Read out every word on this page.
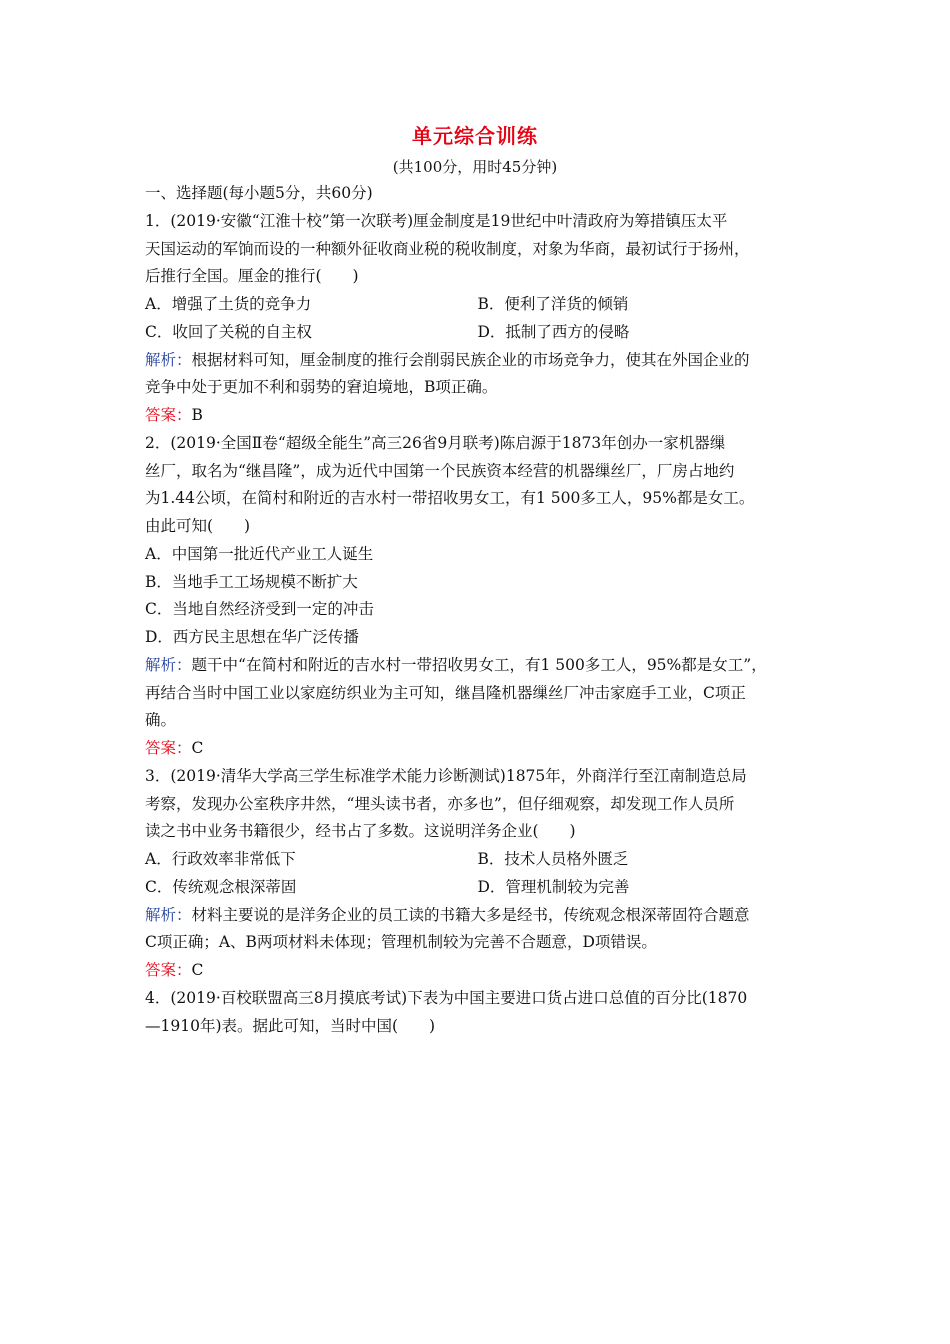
单元综合训练
(共100分，用时45分钟)

一、选择题(每小题5分，共60分)

1．(2019·安徽“江淮十校”第一次联考)厘金制度是19世纪中叶清政府为筹措镇压太平

天国运动的军饷而设的一种额外征收商业税的税收制度，对象为华商，最初试行于扬州，

后推行全国。厘金的推行(　　)

A．增强了土货的竞争力	B．便利了洋货的倾销
C．收回了关税的自主权	D．抵制了西方的侵略

解析：根据材料可知，厘金制度的推行会削弱民族企业的市场竞争力，使其在外国企业的

竞争中处于更加不利和弱势的窘迫境地，B项正确。

答案：B

2．(2019·全国Ⅱ卷“超级全能生”高三26省9月联考)陈启源于1873年创办一家机器缫

丝厂，取名为“继昌隆”，成为近代中国第一个民族资本经营的机器缫丝厂，厂房占地约

为1.44公顷，在简村和附近的吉水村一带招收男女工，有1 500多工人，95%都是女工。

由此可知(　　)

A．中国第一批近代产业工人诞生

B．当地手工工场规模不断扩大

C．当地自然经济受到一定的冲击

D．西方民主思想在华广泛传播

解析：题干中“在简村和附近的吉水村一带招收男女工，有1 500多工人，95%都是女工”，

再结合当时中国工业以家庭纺织业为主可知，继昌隆机器缫丝厂冲击家庭手工业，C项正

确。

答案：C

3．(2019·清华大学高三学生标准学术能力诊断测试)1875年，外商洋行至江南制造总局

考察，发现办公室秩序井然，“埋头读书者，亦多也”，但仔细观察，却发现工作人员所

读之书中业务书籍很少，经书占了多数。这说明洋务企业(　　)

A．行政效率非常低下	B．技术人员格外匮乏
C．传统观念根深蒂固	D．管理机制较为完善

解析：材料主要说的是洋务企业的员工读的书籍大多是经书，传统观念根深蒂固符合题意

C项正确；A、B两项材料未体现；管理机制较为完善不合题意，D项错误。

答案：C

4．(2019·百校联盟高三8月摸底考试)下表为中国主要进口货占进口总值的百分比(1870

—1910年)表。据此可知，当时中国(　　)
